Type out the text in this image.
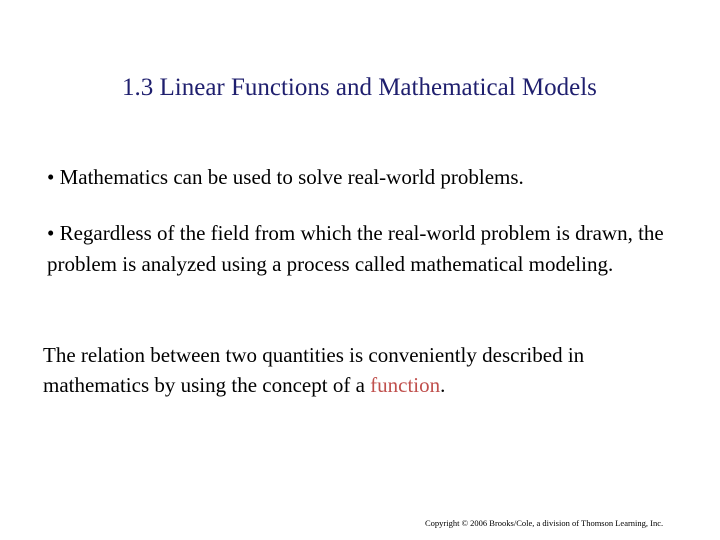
1.3 Linear Functions and Mathematical Models
• Mathematics can be used to solve real-world problems.
• Regardless of the field from which the real-world problem is drawn, the problem is analyzed using a process called mathematical modeling.
The relation between two quantities is conveniently described in mathematics by using the concept of a function.
Copyright © 2006 Brooks/Cole, a division of Thomson Learning, Inc.
